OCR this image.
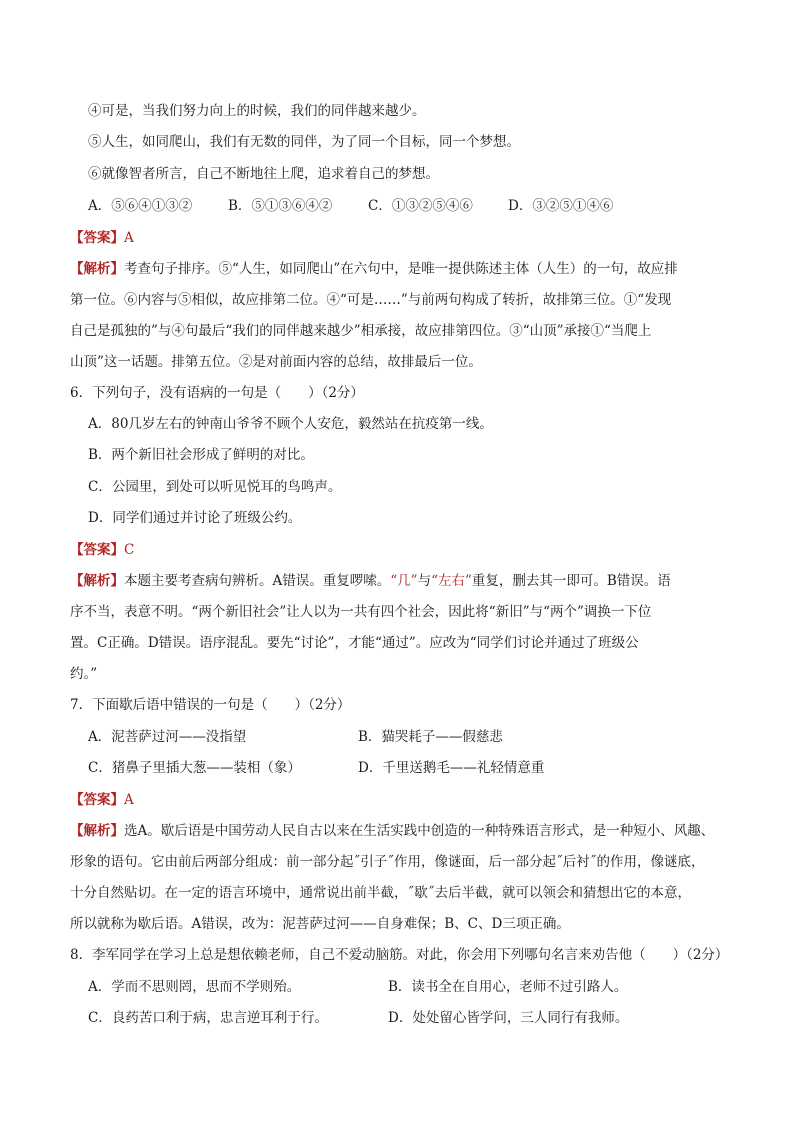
④可是，当我们努力向上的时候，我们的同伴越来越少。
⑤人生，如同爬山，我们有无数的同伴，为了同一个目标，同一个梦想。
⑥就像智者所言，自己不断地往上爬，追求着自己的梦想。
A．⑤⑥④①③②	B．⑤①③⑥④②	C．①③②⑤④⑥	D．③②⑤①④⑥
【答案】A
【解析】考查句子排序。⑤“人生，如同爬山”在六句中，是唯一提供陈述主体（人生）的一句，故应排
第一位。⑥内容与⑤相似，故应排第二位。④“可是……”与前两句构成了转折，故排第三位。①“发现
自己是孤独的”与④句最后“我们的同伴越来越少”相承接，故应排第四位。③“山顶”承接①“当爬上
山顶”这一话题。排第五位。②是对前面内容的总结，故排最后一位。
6．下列句子，没有语病的一句是（　　）（2分）
A．80几岁左右的钟南山爷爷不顾个人安危，毅然站在抗疫第一线。
B．两个新旧社会形成了鲜明的对比。
C．公园里，到处可以听见悦耳的鸟鸣声。
D．同学们通过并讨论了班级公约。
【答案】C
【解析】本题主要考查病句辨析。A错误。重复啰嗦。“几”与“左右”重复，删去其一即可。B错误。语
序不当，表意不明。“两个新旧社会”让人以为一共有四个社会，因此将“新旧”与“两个”调换一下位
置。C正确。D错误。语序混乱。要先“讨论”，才能“通过”。应改为“同学们讨论并通过了班级公
约。”
7．下面歇后语中错误的一句是（　　）（2分）
A．泥菩萨过河——没指望	B．猫哭耗子——假慈悲
C．猪鼻子里插大葱——装相（象）	D．千里送鹅毛——礼轻情意重
【答案】A
【解析】选A。歇后语是中国劳动人民自古以来在生活实践中创造的一种特殊语言形式，是一种短小、风趣、
形象的语句。它由前后两部分组成：前一部分起˝引子˝作用，像谜面，后一部分起˝后衬˝的作用，像谜底，
十分自然贴切。在一定的语言环境中，通常说出前半截，˝歇˝去后半截，就可以领会和猜想出它的本意，
所以就称为歇后语。A错误，改为：泥菩萨过河——自身难保；B、C、D三项正确。
8．李军同学在学习上总是想依赖老师，自己不爱动脑筋。对此，你会用下列哪句名言来劝告他（　　）（2分）
A．学而不思则罔，思而不学则殆。	B．读书全在自用心，老师不过引路人。
C．良药苦口利于病，忠言逆耳利于行。	D．处处留心皆学问，三人同行有我师。
